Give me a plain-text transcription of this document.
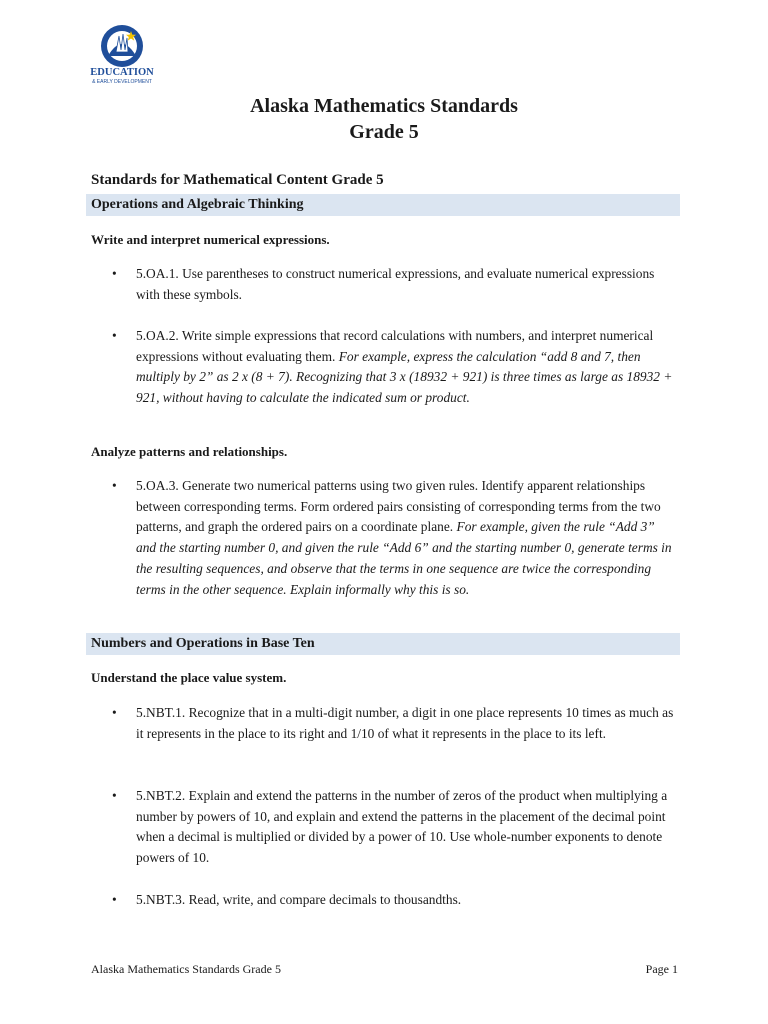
EDUCATION
& EARLY DEVELOPMENT
Alaska Mathematics Standards
Grade 5
Standards for Mathematical Content Grade 5
Operations and Algebraic Thinking
Write and interpret numerical expressions.
• 5.OA.1. Use parentheses to construct numerical expressions, and evaluate numerical expressions with these symbols.
• 5.OA.2. Write simple expressions that record calculations with numbers, and interpret numerical expressions without evaluating them. For example, express the calculation “add 8 and 7, then multiply by 2” as 2 x (8 + 7). Recognizing that 3 x (18932 + 921) is three times as large as 18932 + 921, without having to calculate the indicated sum or product.
Analyze patterns and relationships.
• 5.OA.3. Generate two numerical patterns using two given rules. Identify apparent relationships between corresponding terms. Form ordered pairs consisting of corresponding terms from the two patterns, and graph the ordered pairs on a coordinate plane. For example, given the rule “Add 3” and the starting number 0, and given the rule “Add 6” and the starting number 0, generate terms in the resulting sequences, and observe that the terms in one sequence are twice the corresponding terms in the other sequence. Explain informally why this is so.
Numbers and Operations in Base Ten
Understand the place value system.
• 5.NBT.1. Recognize that in a multi-digit number, a digit in one place represents 10 times as much as it represents in the place to its right and 1/10 of what it represents in the place to its left.
• 5.NBT.2. Explain and extend the patterns in the number of zeros of the product when multiplying a number by powers of 10, and explain and extend the patterns in the placement of the decimal point when a decimal is multiplied or divided by a power of 10. Use whole-number exponents to denote powers of 10.
• 5.NBT.3. Read, write, and compare decimals to thousandths.
Alaska Mathematics Standards Grade 5	Page 1
